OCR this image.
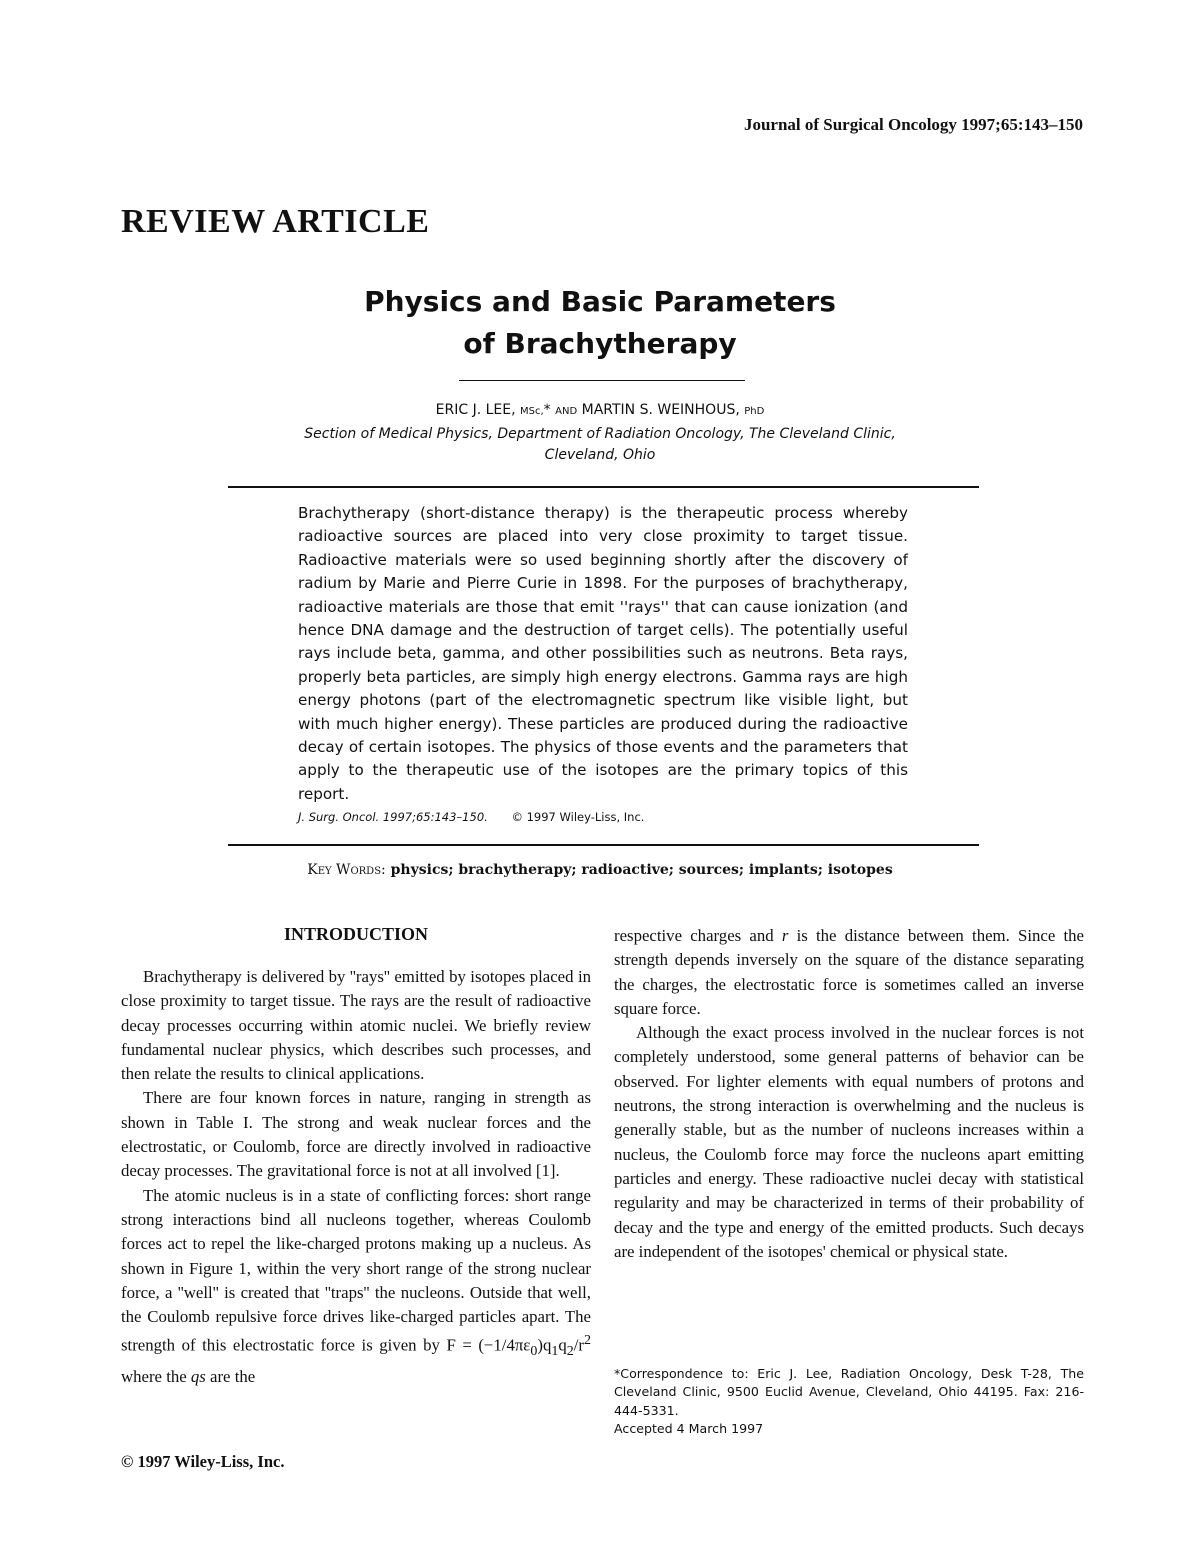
Journal of Surgical Oncology 1997;65:143–150
REVIEW ARTICLE
Physics and Basic Parameters
of Brachytherapy
ERIC J. LEE, MSc,* AND MARTIN S. WEINHOUS, PhD
Section of Medical Physics, Department of Radiation Oncology, The Cleveland Clinic,
Cleveland, Ohio
Brachytherapy (short-distance therapy) is the therapeutic process whereby radioactive sources are placed into very close proximity to target tissue. Radioactive materials were so used beginning shortly after the discovery of radium by Marie and Pierre Curie in 1898. For the purposes of brachytherapy, radioactive materials are those that emit ''rays'' that can cause ionization (and hence DNA damage and the destruction of target cells). The potentially useful rays include beta, gamma, and other possibilities such as neutrons. Beta rays, properly beta particles, are simply high energy electrons. Gamma rays are high energy photons (part of the electromagnetic spectrum like visible light, but with much higher energy). These particles are produced during the radioactive decay of certain isotopes. The physics of those events and the parameters that apply to the therapeutic use of the isotopes are the primary topics of this report.
J. Surg. Oncol. 1997;65:143–150. © 1997 Wiley-Liss, Inc.
Key Words: physics; brachytherapy; radioactive; sources; implants; isotopes
INTRODUCTION

Brachytherapy is delivered by ''rays'' emitted by isotopes placed in close proximity to target tissue. The rays are the result of radioactive decay processes occurring within atomic nuclei. We briefly review fundamental nuclear physics, which describes such processes, and then relate the results to clinical applications.

There are four known forces in nature, ranging in strength as shown in Table I. The strong and weak nuclear forces and the electrostatic, or Coulomb, force are directly involved in radioactive decay processes. The gravitational force is not at all involved [1].

The atomic nucleus is in a state of conflicting forces: short range strong interactions bind all nucleons together, whereas Coulomb forces act to repel the like-charged protons making up a nucleus. As shown in Figure 1, within the very short range of the strong nuclear force, a ''well'' is created that ''traps'' the nucleons. Outside that well, the Coulomb repulsive force drives like-charged particles apart. The strength of this electrostatic force is given by $F = (-1/4\pi\varepsilon_0)q_1q_2/r^2$ where the qs are the

© 1997 Wiley-Liss, Inc.

respective charges and r is the distance between them. Since the strength depends inversely on the square of the distance separating the charges, the electrostatic force is sometimes called an inverse square force.

Although the exact process involved in the nuclear forces is not completely understood, some general patterns of behavior can be observed. For lighter elements with equal numbers of protons and neutrons, the strong interaction is overwhelming and the nucleus is generally stable, but as the number of nucleons increases within a nucleus, the Coulomb force may force the nucleons apart emitting particles and energy. These radioactive nuclei decay with statistical regularity and may be characterized in terms of their probability of decay and the type and energy of the emitted products. Such decays are independent of the isotopes' chemical or physical state.

*Correspondence to: Eric J. Lee, Radiation Oncology, Desk T-28, The Cleveland Clinic, 9500 Euclid Avenue, Cleveland, Ohio 44195. Fax: 216-444-5331.
Accepted 4 March 1997
